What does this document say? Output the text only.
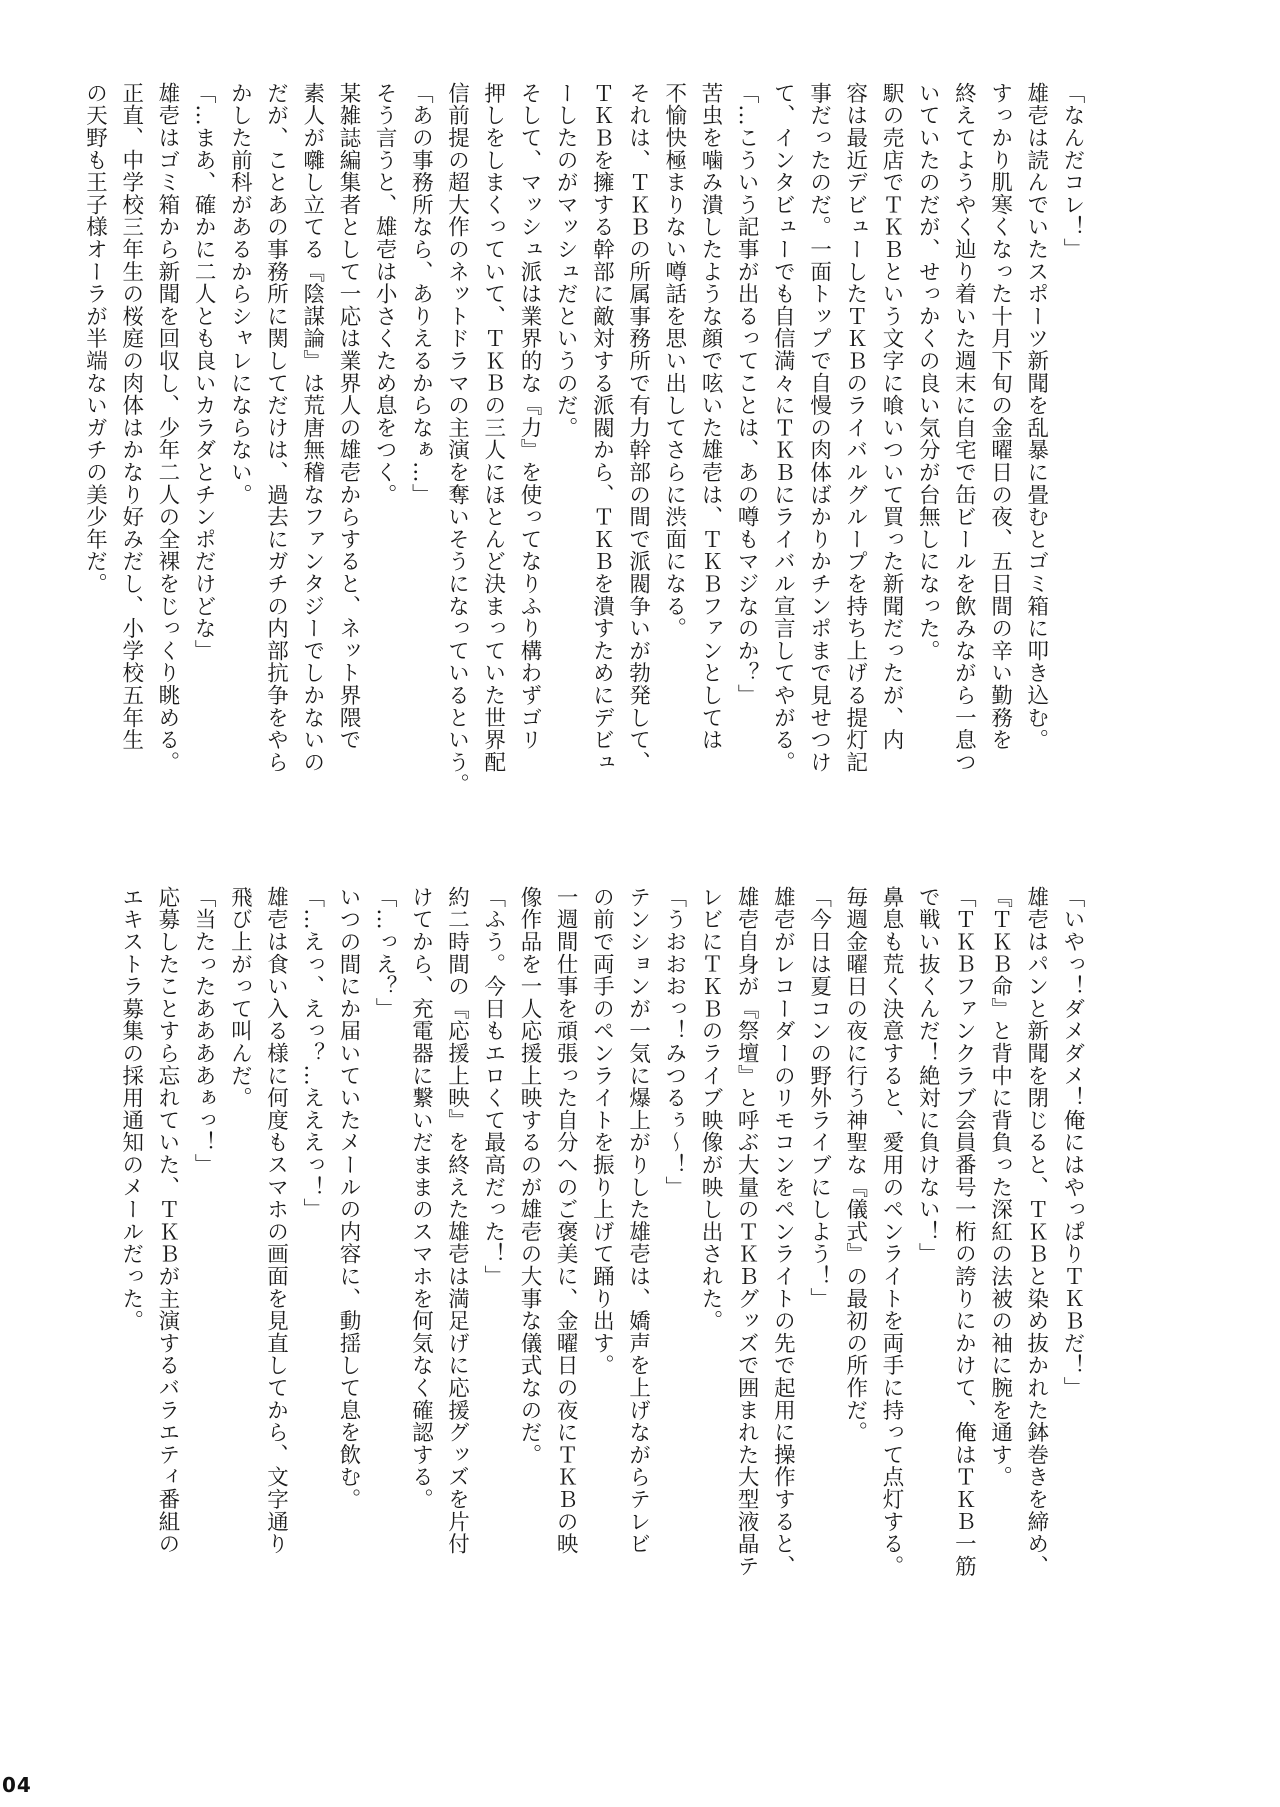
「なんだコレ！」

雄壱は読んでいたスポーツ新聞を乱暴に畳むとゴミ箱に叩き込む。

すっかり肌寒くなった十月下旬の金曜日の夜、五日間の辛い勤務を

終えてようやく辿り着いた週末に自宅で缶ビールを飲みながら一息つ

いていたのだが、せっかくの良い気分が台無しになった。

駅の売店でＴＫＢという文字に喰いついて買った新聞だったが、内

容は最近デビューしたＴＫＢのライバルグループを持ち上げる提灯記

事だったのだ。一面トップで自慢の肉体ばかりかチンポまで見せつけ

て、インタビューでも自信満々にＴＫＢにライバル宣言してやがる。

「…こういう記事が出るってことは、あの噂もマジなのか？」

苦虫を噛み潰したような顔で呟いた雄壱は、ＴＫＢファンとしては

不愉快極まりない噂話を思い出してさらに渋面になる。

それは、ＴＫＢの所属事務所で有力幹部の間で派閥争いが勃発して、

ＴＫＢを擁する幹部に敵対する派閥から、ＴＫＢを潰すためにデビュ

ーしたのがマッシュだというのだ。

そして、マッシュ派は業界的な『力』を使ってなりふり構わずゴリ

押しをしまくっていて、ＴＫＢの三人にほとんど決まっていた世界配

信前提の超大作のネットドラマの主演を奪いそうになっているという。

「あの事務所なら、ありえるからなぁ…」

そう言うと、雄壱は小さくため息をつく。

某雑誌編集者として一応は業界人の雄壱からすると、ネット界隈で

素人が囃し立てる『陰謀論』は荒唐無稽なファンタジーでしかないの

だが、ことあの事務所に関してだけは、過去にガチの内部抗争をやら

かした前科があるからシャレにならない。

「…まあ、確かに二人とも良いカラダとチンポだけどな」

雄壱はゴミ箱から新聞を回収し、少年二人の全裸をじっくり眺める。

正直、中学校三年生の桜庭の肉体はかなり好みだし、小学校五年生

の天野も王子様オーラが半端ないガチの美少年だ。

「いやっ！ダメダメ！俺にはやっぱりＴＫＢだ！」

雄壱はパンと新聞を閉じると、ＴＫＢと染め抜かれた鉢巻きを締め、

『ＴＫＢ命』と背中に背負った深紅の法被の袖に腕を通す。

「ＴＫＢファンクラブ会員番号一桁の誇りにかけて、俺はＴＫＢ一筋

で戦い抜くんだ！絶対に負けない！」

鼻息も荒く決意すると、愛用のペンライトを両手に持って点灯する。

毎週金曜日の夜に行う神聖な『儀式』の最初の所作だ。

「今日は夏コンの野外ライブにしよう！」

雄壱がレコーダーのリモコンをペンライトの先で起用に操作すると、

雄壱自身が『祭壇』と呼ぶ大量のＴＫＢグッズで囲まれた大型液晶テ

レビにＴＫＢのライブ映像が映し出された。

「うおおおっ！みつるぅ〜！」

テンションが一気に爆上がりした雄壱は、嬌声を上げながらテレビ

の前で両手のペンライトを振り上げて踊り出す。

一週間仕事を頑張った自分へのご褒美に、金曜日の夜にＴＫＢの映

像作品を一人応援上映するのが雄壱の大事な儀式なのだ。

「ふう。今日もエロくて最高だった！」

約二時間の『応援上映』を終えた雄壱は満足げに応援グッズを片付

けてから、充電器に繋いだままのスマホを何気なく確認する。

「…っえ？」

いつの間にか届いていたメールの内容に、動揺して息を飲む。

「…えっ、えっ？…えええっ！」

雄壱は食い入る様に何度もスマホの画面を見直してから、文字通り

飛び上がって叫んだ。

「当たったああああぁっ！」

応募したことすら忘れていた、ＴＫＢが主演するバラエティ番組の

エキストラ募集の採用通知のメールだった。

04
